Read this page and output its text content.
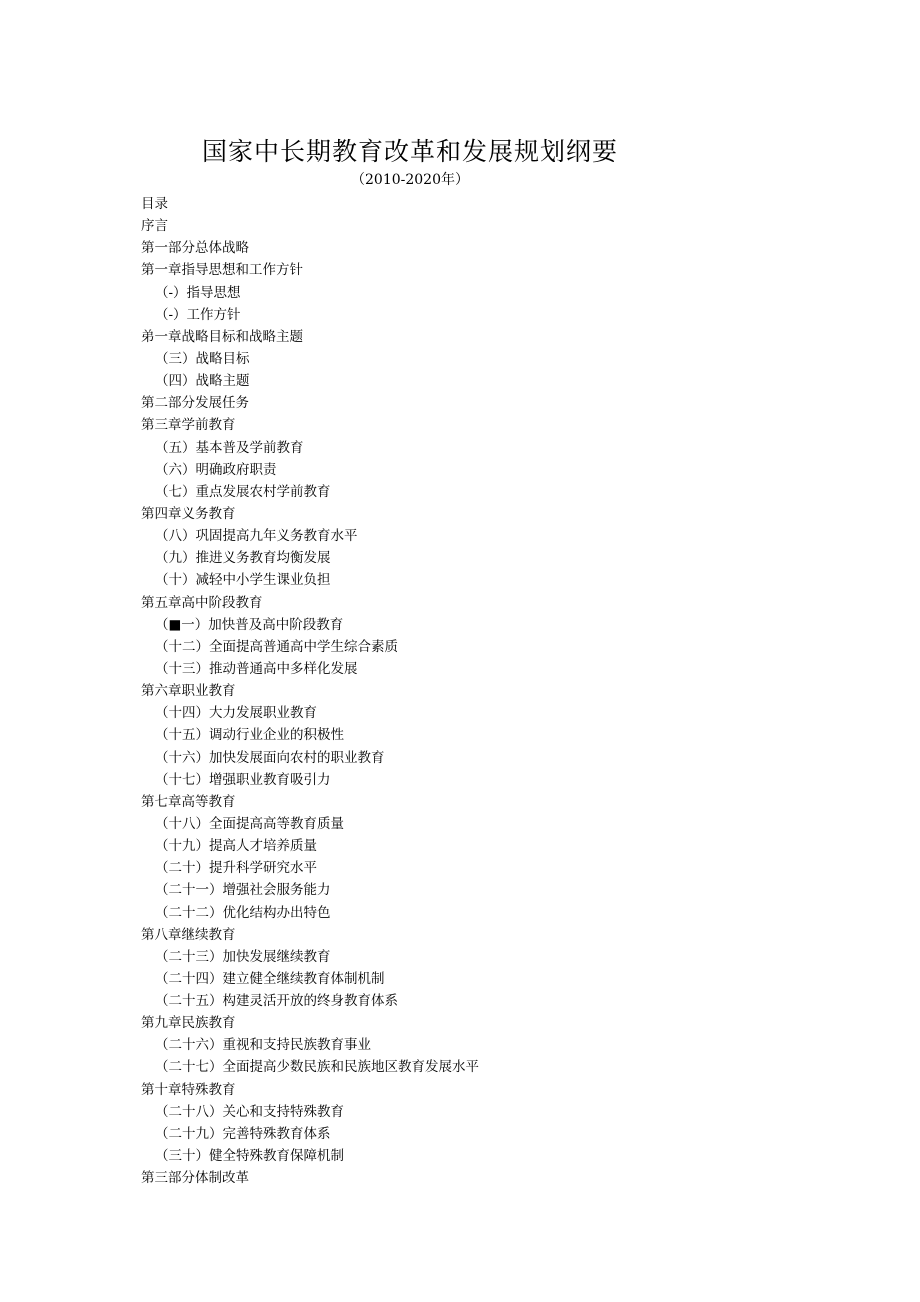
国家中长期教育改革和发展规划纲要
（2010-2020年）
目录
序言
第一部分总体战略
第一章指导思想和工作方针
（-）指导思想
（-）工作方针
弟一章战略目标和战略主题
（三）战略目标
（四）战略主题
第二部分发展任务
第三章学前教育
（五）基本普及学前教育
（六）明确政府职责
（七）重点发展农村学前教育
第四章义务教育
（八）巩固提高九年义务教育水平
（九）推进义务教育均衡发展
（十）减轻中小学生课业负担
第五章高中阶段教育
（■一）加快普及高中阶段教育
（十二）全面提高普通高中学生综合素质
（十三）推动普通高中多样化发展
第六章职业教育
（十四）大力发展职业教育
（十五）调动行业企业的积极性
（十六）加快发展面向农村的职业教育
（十七）增强职业教育吸引力
第七章高等教育
（十八）全面提高高等教育质量
（十九）提高人才培养质量
（二十）提升科学研究水平
（二十一）增强社会服务能力
（二十二）优化结构办出特色
第八章继续教育
（二十三）加快发展继续教育
（二十四）建立健全继续教育体制机制
（二十五）构建灵活开放的终身教育体系
第九章民族教育
（二十六）重视和支持民族教育事业
（二十七）全面提高少数民族和民族地区教育发展水平
第十章特殊教育
（二十八）关心和支持特殊教育
（二十九）完善特殊教育体系
（三十）健全特殊教育保障机制
第三部分体制改革
